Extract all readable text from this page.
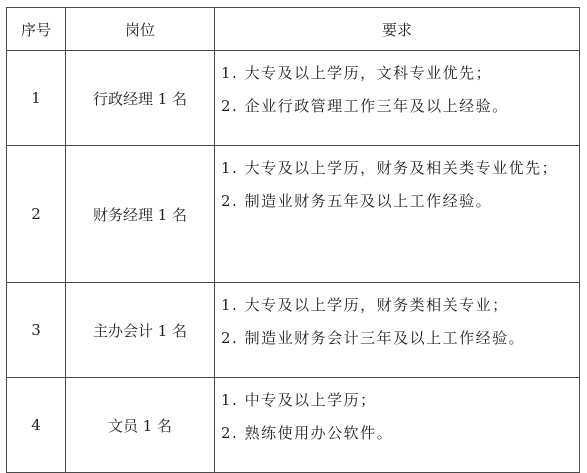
序号	岗位	要求
1	行政经理 1 名	1. 大专及以上学历，文科专业优先；
2. 企业行政管理工作三年及以上经验。

2	财务经理 1 名	1. 大专及以上学历，财务及相关类专业优先；
2. 制造业财务五年及以上工作经验。

3	主办会计 1 名	1. 大专及以上学历，财务类相关专业；
2. 制造业财务会计三年及以上工作经验。

4	文员 1 名	1. 中专及以上学历；
2. 熟练使用办公软件。
